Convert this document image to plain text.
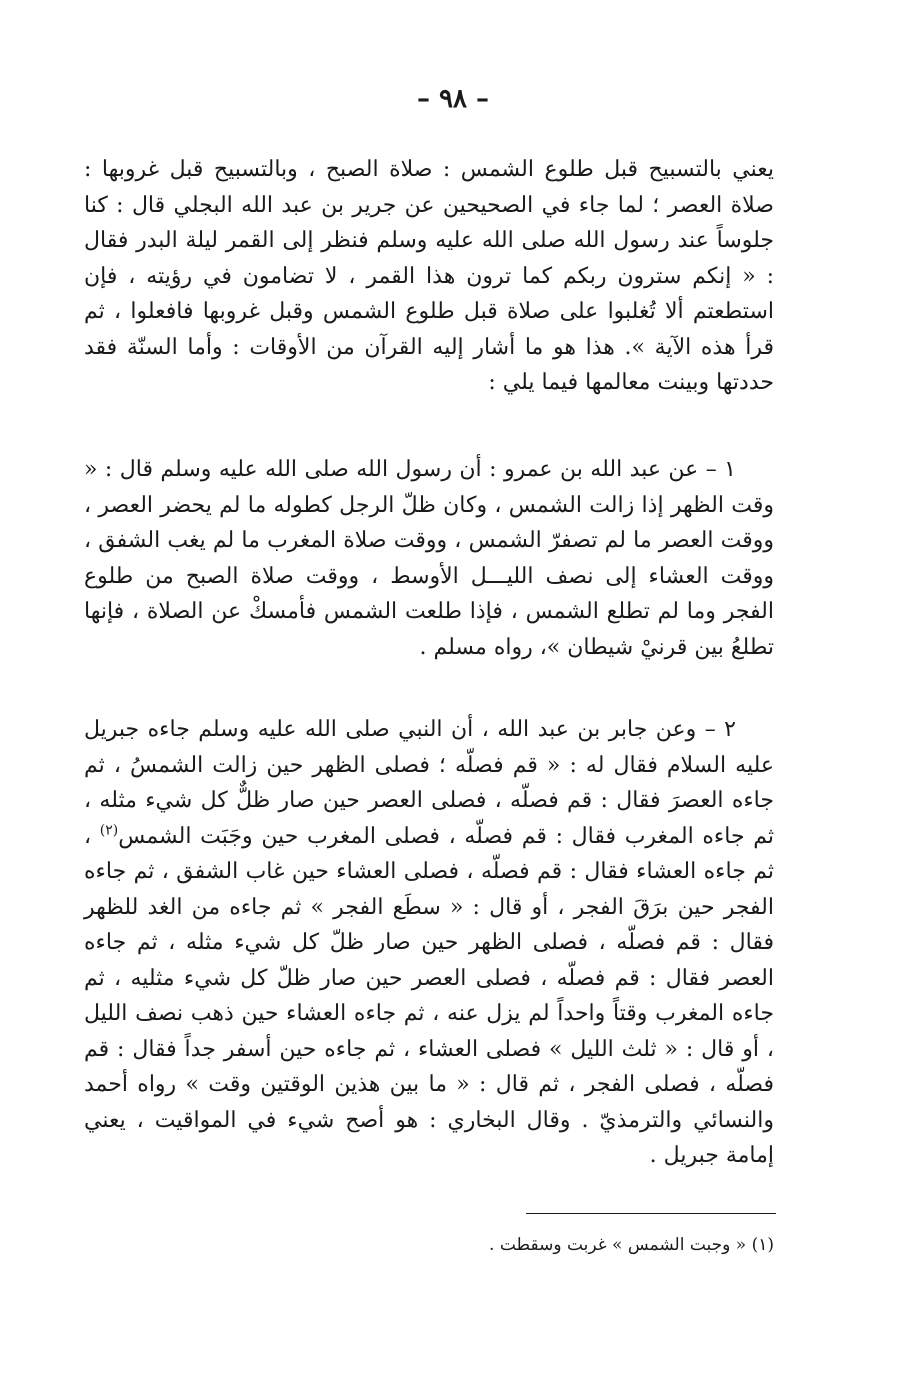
– ٩٨ –

يعني بالتسبيح قبل طلوع الشمس : صلاة الصبح ، وبالتسبيح قبل غروبها : صلاة العصر ؛ لما جاء في الصحيحين عن جرير بن عبد الله البجلي قال : كنا جلوساً عند رسول الله صلى الله عليه وسلم فنظر إلى القمر ليلة البدر فقال : « إنكم سترون ربكم كما ترون هذا القمر ، لا تضامون في رؤيته ، فإن استطعتم ألا تُغلبوا على صلاة قبل طلوع الشمس وقبل غروبها فافعلوا ، ثم قرأ هذه الآية ». هذا هو ما أشار إليه القرآن من الأوقات : وأما السنّة فقد حددتها وبينت معالمها فيما يلي :

١ – عن عبد الله بن عمرو : أن رسول الله صلى الله عليه وسلم قال : « وقت الظهر إذا زالت الشمس ، وكان ظلّ الرجل كطوله ما لم يحضر العصر ، ووقت العصر ما لم تصفرّ الشمس ، ووقت صلاة المغرب ما لم يغب الشفق ، ووقت العشاء إلى نصف الليـــل الأوسط ، ووقت صلاة الصبح من طلوع الفجر وما لم تطلع الشمس ، فإذا طلعت الشمس فأمسكْ عن الصلاة ، فإنها تطلعُ بين قرنيْ شيطان »، رواه مسلم .

٢ – وعن جابر بن عبد الله ، أن النبي صلى الله عليه وسلم جاءه جبريل عليه السلام فقال له : « قم فصلّه ؛ فصلى الظهر حين زالت الشمسُ ، ثم جاءه العصرَ فقال : قم فصلّه ، فصلى العصر حين صار ظلٌّ كل شيء مثله ، ثم جاءه المغرب فقال : قم فصلّه ، فصلى المغرب حين وجَبَت الشمس$^{(٢)}$ ، ثم جاءه العشاء فقال : قم فصلّه ، فصلى العشاء حين غاب الشفق ، ثم جاءه الفجر حين برَقَ الفجر ، أو قال : « سطَع الفجر » ثم جاءه من الغد للظهر فقال : قم فصلّه ، فصلى الظهر حين صار ظلّ كل شيء مثله ، ثم جاءه العصر فقال : قم فصلّه ، فصلى العصر حين صار ظلّ كل شيء مثليه ، ثم جاءه المغرب وقتاً واحداً لم يزل عنه ، ثم جاءه العشاء حين ذهب نصف الليل ، أو قال : « ثلث الليل » فصلى العشاء ، ثم جاءه حين أسفر جداً فقال : قم فصلّه ، فصلى الفجر ، ثم قال : « ما بين هذين الوقتين وقت » رواه أحمد والنسائي والترمذيّ . وقال البخاري : هو أصح شيء في المواقيت ، يعني إمامة جبريل .

(١) « وجبت الشمس » غربت وسقطت .
